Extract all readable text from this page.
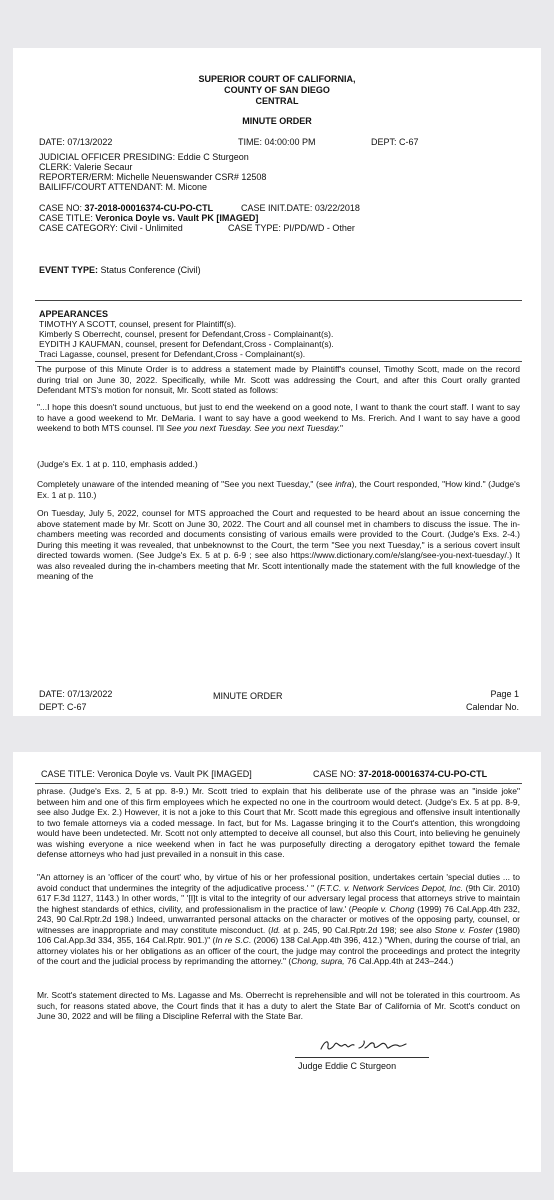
SUPERIOR COURT OF CALIFORNIA,
COUNTY OF SAN DIEGO
CENTRAL
MINUTE ORDER
DATE: 07/13/2022	TIME: 04:00:00 PM	DEPT: C-67
JUDICIAL OFFICER PRESIDING: Eddie C Sturgeon
CLERK: Valerie Secaur
REPORTER/ERM: Michelle Neuenswander CSR# 12508
BAILIFF/COURT ATTENDANT: M. Micone
CASE NO: 37-2018-00016374-CU-PO-CTL	CASE INIT.DATE: 03/22/2018
CASE TITLE: Veronica Doyle vs. Vault PK [IMAGED]
CASE CATEGORY: Civil - Unlimited	CASE TYPE: PI/PD/WD - Other
EVENT TYPE: Status Conference (Civil)
APPEARANCES
TIMOTHY A SCOTT, counsel, present for Plaintiff(s).
Kimberly S Oberrecht, counsel, present for Defendant,Cross - Complainant(s).
EYDITH J KAUFMAN, counsel, present for Defendant,Cross - Complainant(s).
Traci Lagasse, counsel, present for Defendant,Cross - Complainant(s).
The purpose of this Minute Order is to address a statement made by Plaintiff's counsel, Timothy Scott, made on the record during trial on June 30, 2022. Specifically, while Mr. Scott was addressing the Court, and after this Court orally granted Defendant MTS's motion for nonsuit, Mr. Scott stated as follows:
"...I hope this doesn't sound unctuous, but just to end the weekend on a good note, I want to thank the court staff. I want to say to have a good weekend to Mr. DeMaria. I want to say have a good weekend to Ms. Frerich. And I want to say have a good weekend to both MTS counsel. I'll See you next Tuesday. See you next Tuesday."
(Judge's Ex. 1 at p. 110, emphasis added.)
Completely unaware of the intended meaning of "See you next Tuesday," (see infra), the Court responded, "How kind." (Judge's Ex. 1 at p. 110.)
On Tuesday, July 5, 2022, counsel for MTS approached the Court and requested to be heard about an issue concerning the above statement made by Mr. Scott on June 30, 2022. The Court and all counsel met in chambers to discuss the issue. The in-chambers meeting was recorded and documents consisting of various emails were provided to the Court. (Judge's Exs. 2-4.) During this meeting it was revealed, that unbeknownst to the Court, the term "See you next Tuesday," is a serious covert insult directed towards women. (See Judge's Ex. 5 at p. 6-9 ; see also https://www.dictionary.com/e/slang/see-you-next-tuesday/.) It was also revealed during the in-chambers meeting that Mr. Scott intentionally made the statement with the full knowledge of the meaning of the
DATE: 07/13/2022
DEPT: C-67
MINUTE ORDER	Page 1
Calendar No.
CASE TITLE: Veronica Doyle vs. Vault PK [IMAGED]	CASE NO: 37-2018-00016374-CU-PO-CTL
phrase. (Judge's Exs. 2, 5 at pp. 8-9.) Mr. Scott tried to explain that his deliberate use of the phrase was an "inside joke" between him and one of this firm employees which he expected no one in the courtroom would detect. (Judge's Ex. 5 at pp. 8-9, see also Judge Ex. 2.) However, it is not a joke to this Court that Mr. Scott made this egregious and offensive insult intentionally to two female attorneys via a coded message. In fact, but for Ms. Lagasse bringing it to the Court's attention, this wrongdoing would have been undetected. Mr. Scott not only attempted to deceive all counsel, but also this Court, into believing he genuinely was wishing everyone a nice weekend when in fact he was purposefully directing a derogatory epithet toward the female defense attorneys who had just prevailed in a nonsuit in this case.
"An attorney is an 'officer of the court' who, by virtue of his or her professional position, undertakes certain 'special duties ... to avoid conduct that undermines the integrity of the adjudicative process.' " (F.T.C. v. Network Services Depot, Inc. (9th Cir. 2010) 617 F.3d 1127, 1143.) In other words, " '[I]t is vital to the integrity of our adversary legal process that attorneys strive to maintain the highest standards of ethics, civility, and professionalism in the practice of law.' (People v. Chong (1999) 76 Cal.App.4th 232, 243, 90 Cal.Rptr.2d 198.) Indeed, unwarranted personal attacks on the character or motives of the opposing party, counsel, or witnesses are inappropriate and may constitute misconduct. (Id. at p. 245, 90 Cal.Rptr.2d 198; see also Stone v. Foster (1980) 106 Cal.App.3d 334, 355, 164 Cal.Rptr. 901.)" (In re S.C. (2006) 138 Cal.App.4th 396, 412.) "When, during the course of trial, an attorney violates his or her obligations as an officer of the court, the judge may control the proceedings and protect the integrity of the court and the judicial process by reprimanding the attorney." (Chong, supra, 76 Cal.App.4th at 243–244.)
Mr. Scott's statement directed to Ms. Lagasse and Ms. Oberrecht is reprehensible and will not be tolerated in this courtroom. As such, for reasons stated above, the Court finds that it has a duty to alert the State Bar of California of Mr. Scott's conduct on June 30, 2022 and will be filing a Discipline Referral with the State Bar.
Judge Eddie C Sturgeon
